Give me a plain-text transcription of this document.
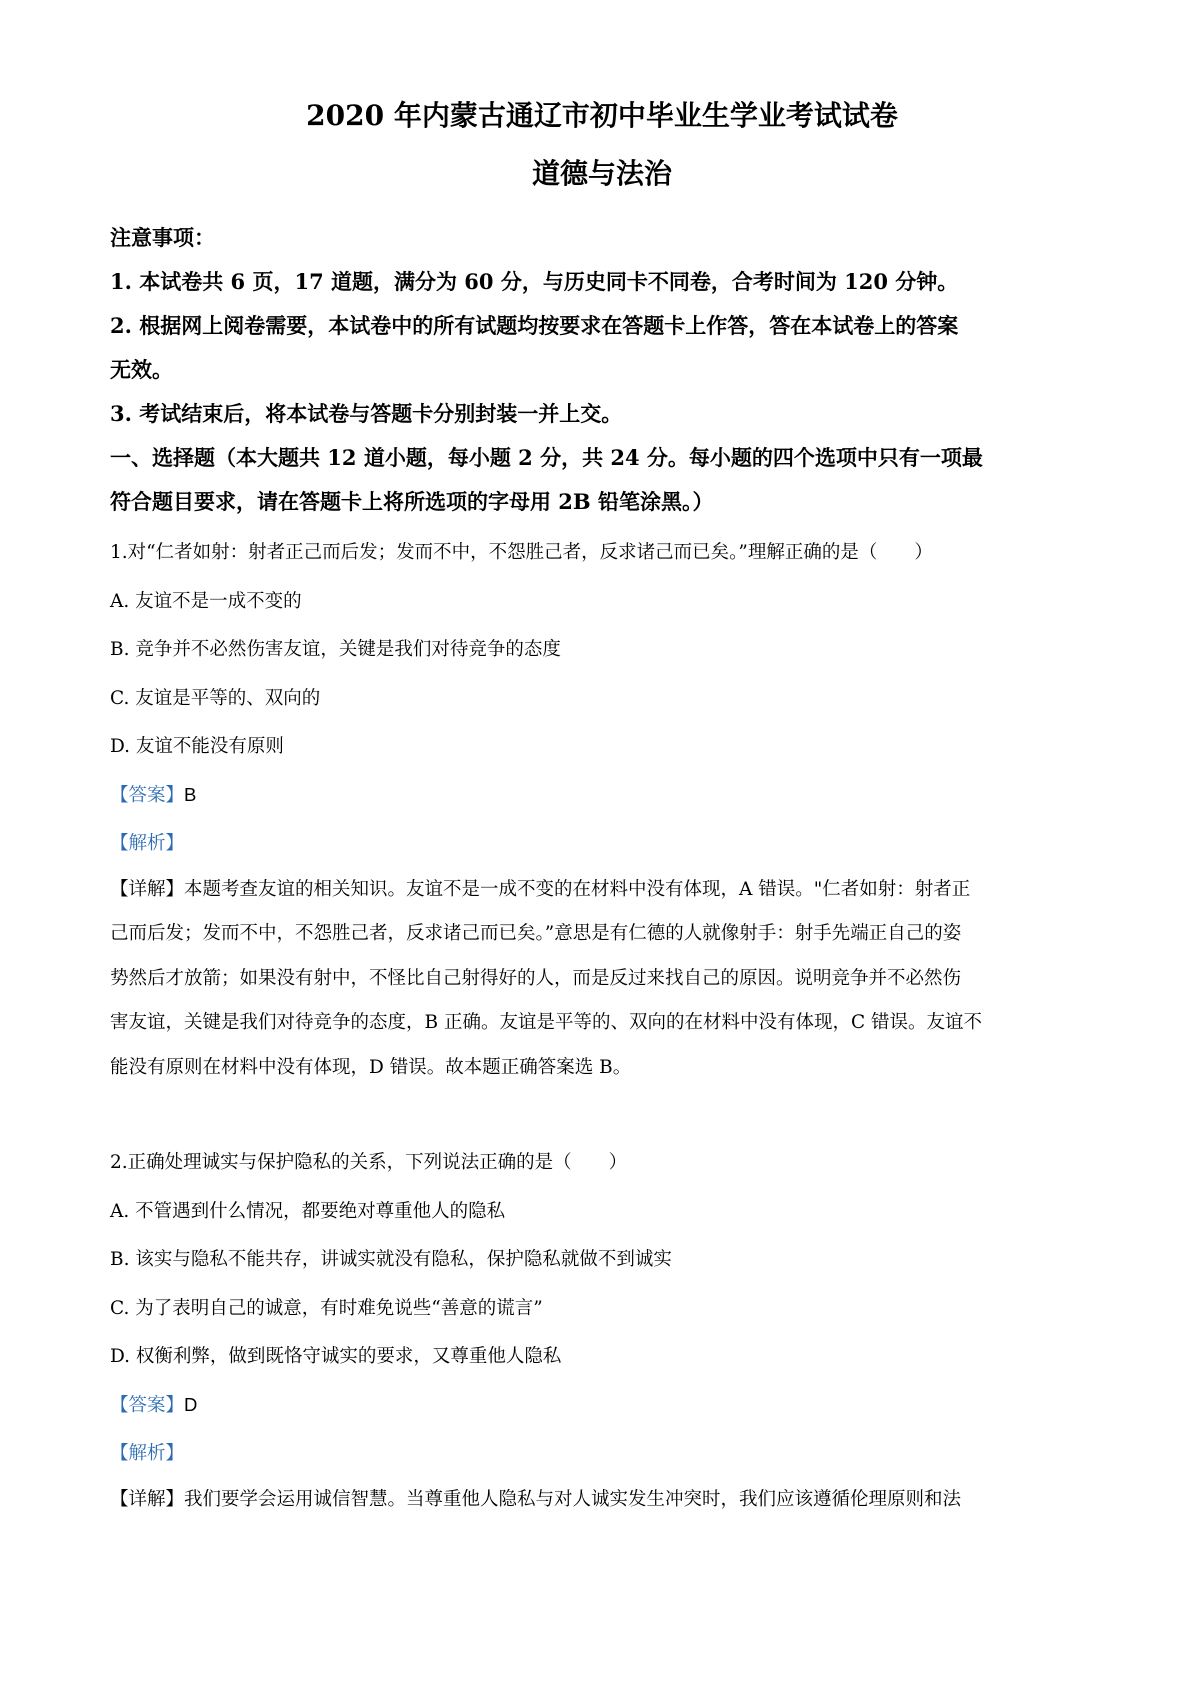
2020 年内蒙古通辽市初中毕业生学业考试试卷

道德与法治

注意事项：

1. 本试卷共 6 页，17 道题，满分为 60 分，与历史同卡不同卷，合考时间为 120 分钟。

2. 根据网上阅卷需要，本试卷中的所有试题均按要求在答题卡上作答，答在本试卷上的答案

无效。

3. 考试结束后，将本试卷与答题卡分别封装一并上交。

一、选择题（本大题共 12 道小题，每小题 2 分，共 24 分。每小题的四个选项中只有一项最

符合题目要求，请在答题卡上将所选项的字母用 2B 铅笔涂黑。）

1.对“仁者如射：射者正己而后发；发而不中，不怨胜己者，反求诸己而已矣。”理解正确的是（　　）

A. 友谊不是一成不变的

B. 竞争并不必然伤害友谊，关键是我们对待竞争的态度

C. 友谊是平等的、双向的

D. 友谊不能没有原则

【答案】B

【解析】

【详解】本题考查友谊的相关知识。友谊不是一成不变的在材料中没有体现，A 错误。"仁者如射：射者正

己而后发；发而不中，不怨胜己者，反求诸己而已矣。”意思是有仁德的人就像射手：射手先端正自己的姿

势然后才放箭；如果没有射中，不怪比自己射得好的人，而是反过来找自己的原因。说明竞争并不必然伤

害友谊，关键是我们对待竞争的态度，B 正确。友谊是平等的、双向的在材料中没有体现，C 错误。友谊不

能没有原则在材料中没有体现，D 错误。故本题正确答案选 B。

2.正确处理诚实与保护隐私的关系，下列说法正确的是（　　）

A. 不管遇到什么情况，都要绝对尊重他人的隐私

B. 该实与隐私不能共存，讲诚实就没有隐私，保护隐私就做不到诚实

C. 为了表明自己的诚意，有时难免说些“善意的谎言”

D. 权衡利弊，做到既恪守诚实的要求，又尊重他人隐私

【答案】D

【解析】

【详解】我们要学会运用诚信智慧。当尊重他人隐私与对人诚实发生冲突时，我们应该遵循伦理原则和法
